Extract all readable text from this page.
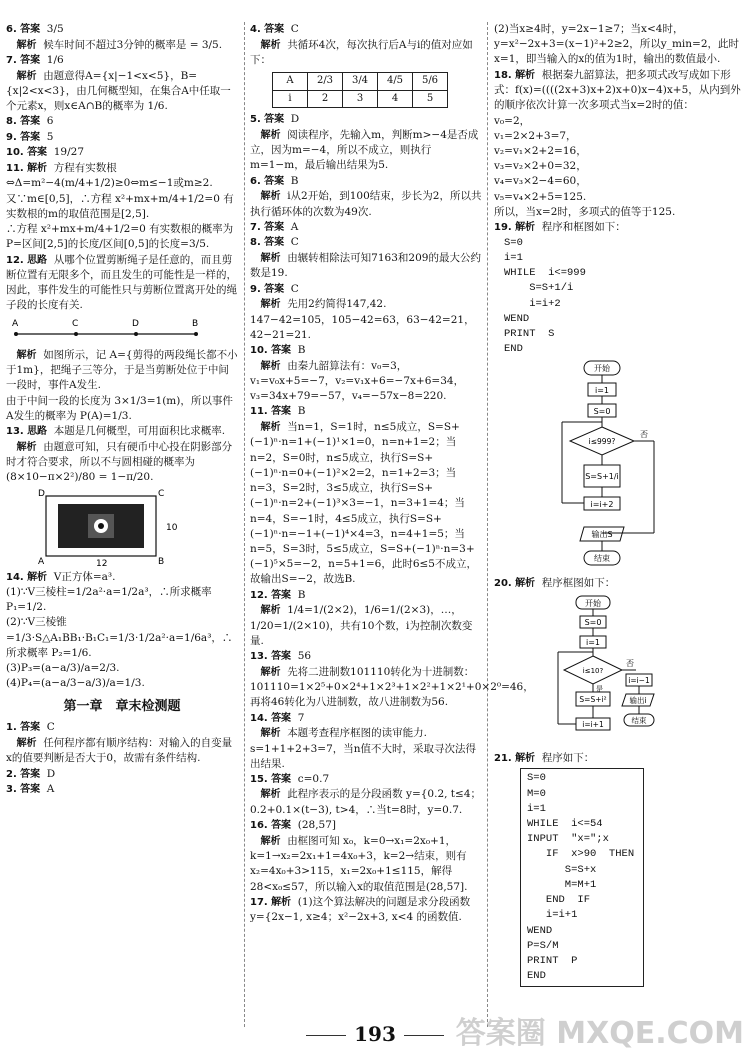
6. 答案 3/5
　解析 候车时间不超过3分钟的概率是 = 3/5.
7. 答案 1/6
　解析 由题意得A={x|−1<x<5}，B={x|2<x<3}，由几何概型知，在集合A中任取一个元素x，则x∈A∩B的概率为 1/6.
8. 答案 6
9. 答案 5
10. 答案 19/27
11. 解析 方程有实数根⇔Δ=m²−4(m/4+1/2)≥0⇔m≤−1或m≥2.
又∵m∈[0,5]，∴方程 x²+mx+m/4+1/2=0 有实数根的m的取值范围是[2,5].
∴方程 x²+mx+m/4+1/2=0 有实数根的概率为 P=区间[2,5]的长度/区间[0,5]的长度=3/5.
12. 思路 从哪个位置剪断绳子是任意的，而且剪断位置有无限多个，而且发生的可能性是一样的，因此，事件发生的可能性只与剪断位置离开处的绳子段的长度有关.
A	C	D	B
　解析 如图所示，记 A={剪得的两段绳长都不小于1m}，把绳子三等分，于是当剪断处位于中间一段时，事件A发生.
由于中间一段的长度为 3×1/3=1(m)，所以事件A发生的概率为 P(A)=1/3.
13. 思路 本题是几何概型，可用面积比求概率.
　解析 由题意可知，只有硬币中心投在阴影部分时才符合要求，所以不与圆相碰的概率为 (8×10−π×2²)/80 = 1−π/20.
D	C
A	B
10
12
14. 解析 V正方体=a³.
(1)∵V三棱柱=1/2a²·a=1/2a³，∴所求概率 P₁=1/2.
(2)∵V三棱锥=1/3·S△A₁BB₁·B₁C₁=1/3·1/2a²·a=1/6a³，∴所求概率 P₂=1/6.
(3)P₃=(a−a/3)/a=2/3.
(4)P₄=(a−a/3−a/3)/a=1/3.
第一章　章末检测题
1. 答案 C
　解析 任何程序都有顺序结构：对输入的自变量x的值要判断是否大于0，故需有条件结构.
2. 答案 D
3. 答案 A
4. 答案 C
　解析 共循环4次，每次执行后A与i的值对应如下：
A	2/3	3/4	4/5	5/6
i	2	3	4	5
5. 答案 D
　解析 阅读程序，先输入m，判断m>−4是否成立，因为m=−4，所以不成立，则执行m=1−m，最后输出结果为5.
6. 答案 B
　解析 i从2开始，到100结束，步长为2，所以共执行循环体的次数为49次.
7. 答案 A
8. 答案 C
　解析 由辗转相除法可知7163和209的最大公约数是19.
9. 答案 C
　解析 先用2约简得147,42.
147−42=105，105−42=63，63−42=21，42−21=21.
10. 答案 B
　解析 由秦九韶算法有：v₀=3，v₁=v₀x+5=−7，v₂=v₁x+6=−7x+6=34，v₃=34x+79=−57，v₄=−57x−8=220.
11. 答案 B
　解析 当n=1，S=1时，n≤5成立，S=S+(−1)ⁿ·n=1+(−1)¹×1=0，n=n+1=2；当n=2，S=0时，n≤5成立，执行S=S+(−1)ⁿ·n=0+(−1)²×2=2，n=1+2=3；当n=3，S=2时，3≤5成立，执行S=S+(−1)ⁿ·n=2+(−1)³×3=−1，n=3+1=4；当n=4，S=−1时，4≤5成立，执行S=S+(−1)ⁿ·n=−1+(−1)⁴×4=3，n=4+1=5；当n=5，S=3时，5≤5成立，S=S+(−1)ⁿ·n=3+(−1)⁵×5=−2，n=5+1=6，此时6≤5不成立，故输出S=−2，故选B.
12. 答案 B
　解析 1/4=1/(2×2)，1/6=1/(2×3)，…，1/20=1/(2×10)，共有10个数，i为控制次数变量.
13. 答案 56
　解析 先将二进制数101110转化为十进制数：101110=1×2⁵+0×2⁴+1×2³+1×2²+1×2¹+0×2⁰=46，再将46转化为八进制数，故八进制数为56.
14. 答案 7
　解析 本题考查程序框图的读审能力.
s=1+1+2+3=7，当n值不大时，采取寻次法得出结果.
15. 答案 c=0.7
　解析 此程序表示的是分段函数 y={0.2, t≤4；0.2+0.1×(t−3), t>4，∴当t=8时，y=0.7.
16. 答案 (28,57]
　解析 由框图可知 x₀，k=0→x₁=2x₀+1，k=1→x₂=2x₁+1=4x₀+3，k=2→结束，则有 x₂=4x₀+3>115，x₁=2x₀+1≤115，解得28<x₀≤57，所以输入x的取值范围是(28,57].
17. 解析 (1)这个算法解决的问题是求分段函数 y={2x−1, x≥4；x²−2x+3, x<4 的函数值.
(2)当x≥4时，y=2x−1≥7；当x<4时，y=x²−2x+3=(x−1)²+2≥2，所以y_min=2，此时x=1，即当输入的x的值为1时，输出的数值最小.
18. 解析 根据秦九韶算法，把多项式改写成如下形式：f(x)=((((2x+3)x+2)x+0)x−4)x+5，从内到外的顺序依次计算一次多项式当x=2时的值：
v₀=2，
v₁=2×2+3=7，
v₂=v₁×2+2=16，
v₃=v₂×2+0=32，
v₄=v₃×2−4=60，
v₅=v₄×2+5=125.
所以，当x=2时，多项式的值等于125.
19. 解析 程序和框图如下：
S=0
i=1
WHILE  i<=999
S=S+1/i
i=i+2
WEND
PRINT  S
END
开始
i=1
S=0
i≤999?
否
S=S+1/i
i=i+2
输出S
结束
20. 解析 程序框图如下：
开始
S=0
i=1
i≤10?
否
是
i=i−1
输出i
结束
S=S+i²
i=i+1
21. 解析 程序如下：
S=0
M=0
i=1
WHILE  i<=54
INPUT  "x=";x
IF  x>90  THEN
S=S+x
M=M+1
END  IF
i=i+1
WEND
P=S/M
PRINT  P
END
193	答案圈 MXQE.COM
